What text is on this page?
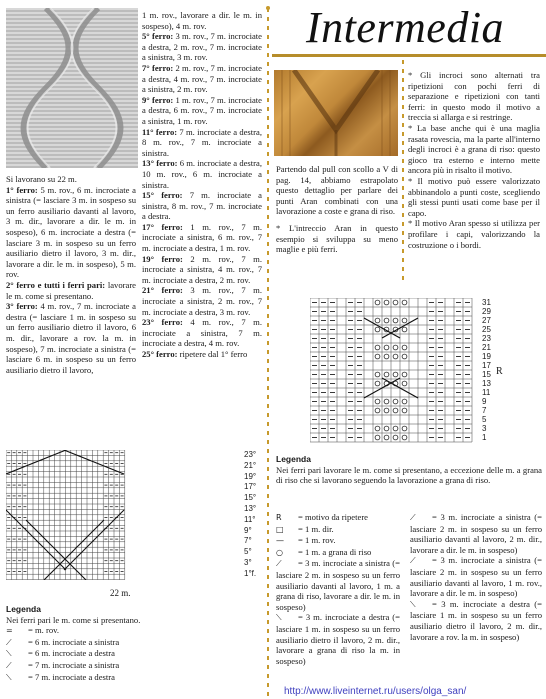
Si lavorano su 22 m.
1° ferro: 5 m. rov., 6 m. incrociate a sinistra (= lasciare 3 m. in sospeso su un ferro ausiliario davanti al lavoro, 3 m. dir., lavorare a dir. le m. in sospeso), 6 m. incrociate a destra (= lasciare 3 m. in sospeso su un ferro ausiliario dietro il lavoro, 3 m. dir., lavorare a dir. le m. in sospeso), 5 m. rov.
2° ferro e tutti i ferri pari: lavorare le m. come si presentano.
3° ferro: 4 m. rov., 7 m. incrociate a destra (= lasciare 1 m. in sospeso su un ferro ausiliario dietro il lavoro, 6 m. dir., lavorare a rov. la m. in sospeso), 7 m. incrociate a sinistra (= lasciare 6 m. in sospeso su un ferro ausiliario dietro il lavoro,
1 m. rov., lavorare a dir. le m. in sospeso), 4 m. rov.
5° ferro: 3 m. rov., 7 m. incrociate a destra, 2 m. rov., 7 m. incrociate a sinistra, 3 m. rov.
7° ferro: 2 m. rov., 7 m. incrociate a destra, 4 m. rov., 7 m. incrociate a sinistra, 2 m. rov.
9° ferro: 1 m. rov., 7 m. incrociate a destra, 6 m. rov., 7 m. incrociate a sinistra, 1 m. rov.
11° ferro: 7 m. incrociate a destra, 8 m. rov., 7 m. incrociate a sinistra.
13° ferro: 6 m. incrociate a destra, 10 m. rov., 6 m. incrociate a sinistra.
15° ferro: 7 m. incrociate a sinistra, 8 m. rov., 7 m. incrociate a destra.
17° ferro: 1 m. rov., 7 m. incrociate a sinistra, 6 m. rov., 7 m. incrociate a destra, 1 m. rov.
19° ferro: 2 m. rov., 7 m. incrociate a sinistra, 4 m. rov., 7 m. incrociate a destra, 2 m. rov.
21° ferro: 3 m. rov., 7 m. incrociate a sinistra, 2 m. rov., 7 m. incrociate a destra, 3 m. rov.
23° ferro: 4 m. rov., 7 m. incrociate a sinistra, 7 m. incrociate a destra, 4 m. rov.
25° ferro: ripetere dal 1° ferro
Intermedia
Partendo dal pull con scollo a V di pag. 14, abbiamo estrapolato questo dettaglio per parlare dei punti Aran combinati con una lavorazione a coste e grana di riso.
* L'intreccio Aran in questo esempio si sviluppa su meno maglie e più ferri.
* Gli incroci sono alternati tra ripetizioni con pochi ferri di separazione e ripetizioni con tanti ferri: in questo modo il motivo a treccia si allarga e si restringe.
* La base anche qui è una maglia rasata rovescia, ma la parte all'interno degli incroci è a grana di riso: questo gioco tra esterno e interno mette ancora più in risalto il motivo.
* Il motivo può essere valorizzato abbinandolo a punti coste, scegliendo gli stessi punti usati come base per il capo.
* Il motivo Aran spesso si utilizza per profilare i capi, valorizzando la costruzione o i bordi.
31
29
27
25
23
21
19
17
15
13
11
9
7
5
3
1
R
23°
21°
19°
17°
15°
13°
11°
9°
7°
5°
3°
1°f.
22 m.
Legenda
Nei ferri pari le m. come si presentano.
= = m. rov.
⟋ = 6 m. incrociate a sinistra
⟍ = 6 m. incrociate a destra
⟋ = 7 m. incrociate a sinistra
⟍ = 7 m. incrociate a destra
Legenda
Nei ferri pari lavorare le m. come si presentano, a eccezione delle m. a grana di riso che si lavorano seguendo la lavorazione a grana di riso.
R = motivo da ripetere
□ = 1 m. dir.
— = 1 m. rov.
○ = 1 m. a grana di riso
⟋ = 3 m. incrociate a sinistra (= lasciare 2 m. in sospeso su un ferro ausiliario davanti al lavoro, 1 m. a grana di riso, lavorare a dir. le m. in sospeso)
⟍ = 3 m. incrociate a destra (= lasciare 1 m. in sospeso su un ferro ausiliario dietro il lavoro, 2 m. dir., lavorare a grana di riso la m. in sospeso)
⟋ = 3 m. incrociate a sinistra (= lasciare 2 m. in sospeso su un ferro ausiliario davanti al lavoro, 2 m. dir., lavorare a dir. le m. in sospeso)
⟋ = 3 m. incrociate a sinistra (= lasciare 2 m. in sospeso su un ferro ausiliario davanti al lavoro, 1 m. rov., lavorare a dir. le m. in sospeso)
⟍ = 3 m. incrociate a destra (= lasciare 1 m. in sospeso su un ferro ausiliario dietro il lavoro, 2 m. dir., lavorare a rov. la m. in sospeso)
http://www.liveinternet.ru/users/olga_san/
